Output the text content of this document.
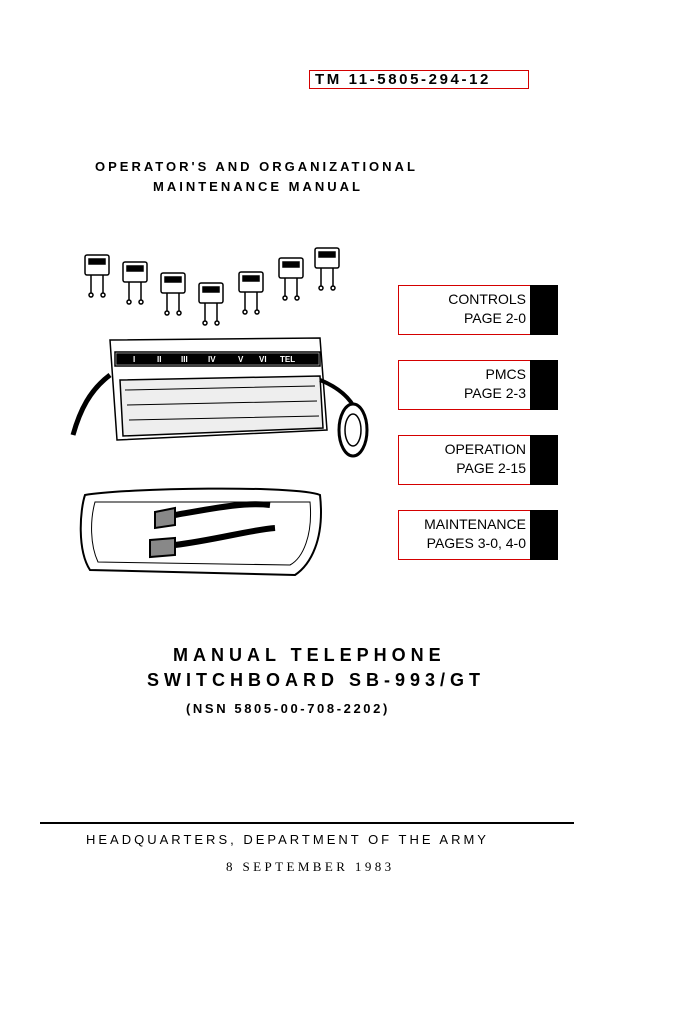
TM 11-5805-294-12
OPERATOR'S AND ORGANIZATIONAL
MAINTENANCE MANUAL
I	II III	IV	V VI TEL
CONTROLS
PAGE 2-0
PMCS
PAGE 2-3
OPERATION
PAGE 2-15
MAINTENANCE
PAGES 3-0, 4-0
MANUAL TELEPHONE
SWITCHBOARD SB-993/GT
(NSN 5805-00-708-2202)
HEADQUARTERS, DEPARTMENT OF THE ARMY
8 SEPTEMBER 1983
